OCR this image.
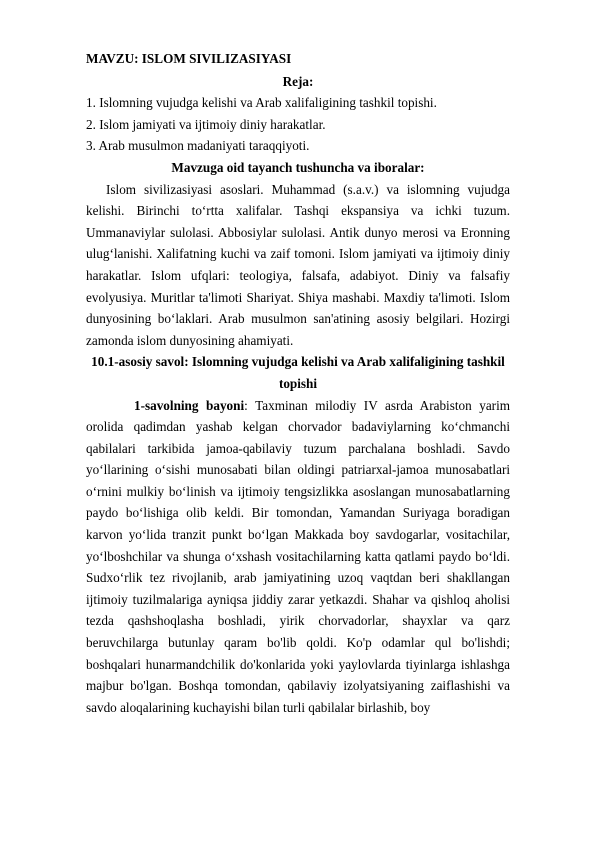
MAVZU: ISLOM SIVILIZASIYASI
Reja:
1. Islomning vujudga kelishi va Arab xalifaligining tashkil topishi.
2. Islom jamiyati va ijtimoiy diniy harakatlar.
3. Arab musulmon madaniyati taraqqiyoti.
Mavzuga oid tayanch tushuncha va iboralar:
Islom sivilizasiyasi asoslari. Muhammad (s.a.v.) va islomning vujudga kelishi. Birinchi to‘rtta xalifalar. Tashqi ekspansiya va ichki tuzum. Ummanaviylar sulolasi. Abbosiylar sulolasi. Antik dunyo merosi va Eronning ulug‘lanishi. Xalifatning kuchi va zaif tomoni. Islom jamiyati va ijtimoiy diniy harakatlar. Islom ufqlari: teologiya, falsafa, adabiyot. Diniy va falsafiy evolyusiya. Muritlar ta'limoti Shariyat. Shiya mashabi. Maxdiy ta'limoti. Islom dunyosining bo‘laklari. Arab musulmon san'atining asosiy belgilari. Hozirgi zamonda islom dunyosining ahamiyati.
10.1-asosiy savol: Islomning vujudga kelishi va Arab xalifaligining tashkil
topishi
1-savolning bayoni: Taxminan milodiy IV asrda Arabiston yarim orolida qadimdan yashab kelgan chorvador badaviylarning ko‘chmanchi qabilalari tarkibida jamoa-qabilaviy tuzum parchalana boshladi. Savdo yo‘llarining o‘sishi munosabati bilan oldingi patriarxal-jamoa munosabatlari o‘rnini mulkiy bo‘linish va ijtimoiy tengsizlikka asoslangan munosabatlarning paydo bo‘lishiga olib keldi. Bir tomondan, Yamandan Suriyaga boradigan karvon yo‘lida tranzit punkt bo‘lgan Makkada boy savdogarlar, vositachilar, yo‘lboshchilar va shunga o‘xshash vositachilarning katta qatlami paydo bo‘ldi. Sudxo‘rlik tez rivojlanib, arab jamiyatining uzoq vaqtdan beri shakllangan ijtimoiy tuzilmalariga ayniqsa jiddiy zarar yetkazdi. Shahar va qishloq aholisi tezda qashshoqlasha boshladi, yirik chorvadorlar, shayxlar va qarz beruvchilarga butunlay qaram bo'lib qoldi. Ko'p odamlar qul bo'lishdi; boshqalari hunarmandchilik do'konlarida yoki yaylovlarda tiyinlarga ishlashga majbur bo'lgan. Boshqa tomondan, qabilaviy izolyatsiyaning zaiflashishi va savdo aloqalarining kuchayishi bilan turli qabilalar birlashib, boy
